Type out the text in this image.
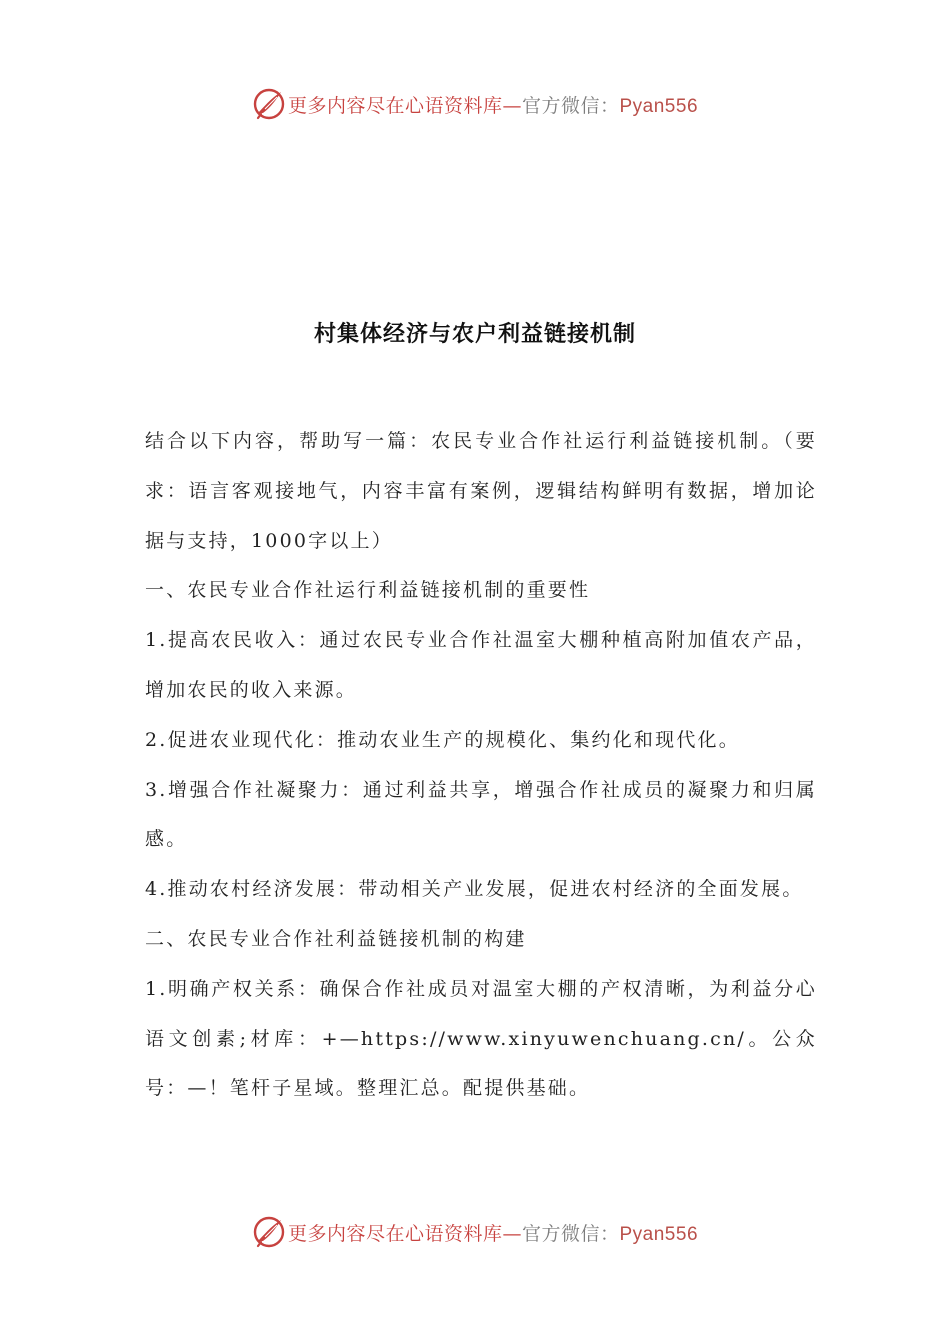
更多内容尽在心语资料库—官方微信：Pyan556
村集体经济与农户利益链接机制

结合以下内容，帮助写一篇：农民专业合作社运行利益链接机制。（要求：语言客观接地气，内容丰富有案例，逻辑结构鲜明有数据，增加论据与支持，1000字以上）

一、农民专业合作社运行利益链接机制的重要性

1.提高农民收入：通过农民专业合作社温室大棚种植高附加值农产品，增加农民的收入来源。

2.促进农业现代化：推动农业生产的规模化、集约化和现代化。

3.增强合作社凝聚力：通过利益共享，增强合作社成员的凝聚力和归属感。

4.推动农村经济发展：带动相关产业发展，促进农村经济的全面发展。

二、农民专业合作社利益链接机制的构建

1.明确产权关系：确保合作社成员对温室大棚的产权清晰，为利益分心语文创素;材库：+—https://www.xinyuwenchuang.cn/。公众号：—！笔杆子星域。整理汇总。配提供基础。

更多内容尽在心语资料库—官方微信：Pyan556
